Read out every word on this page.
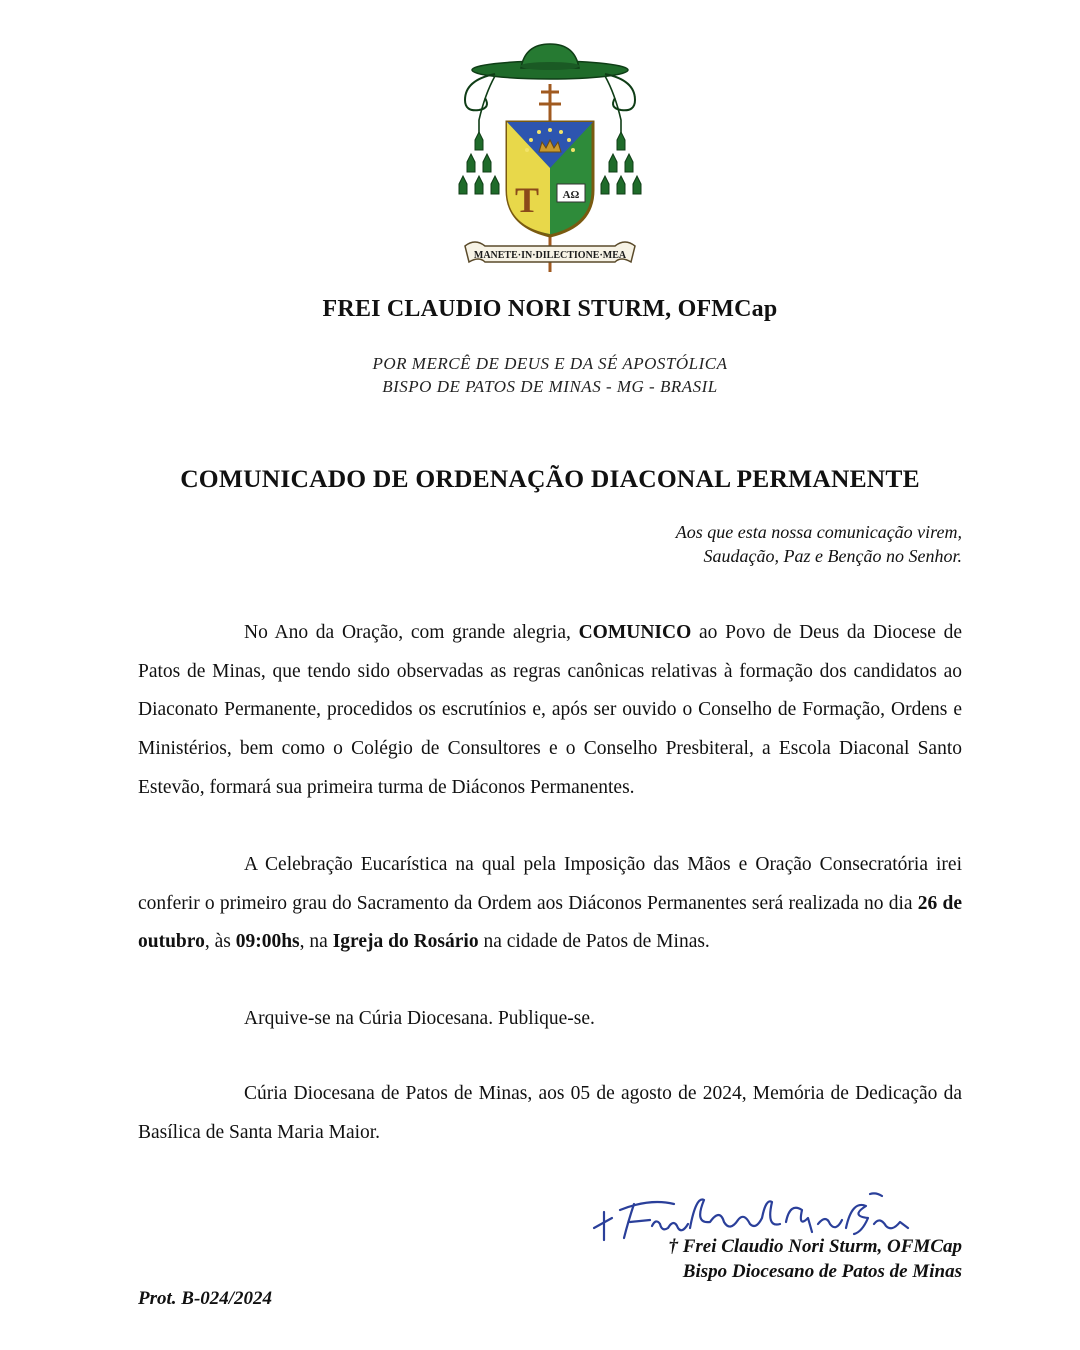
T AΩ
MANETE·IN·DILECTIONE·MEA
FREI CLAUDIO NORI STURM, OFMCap
POR MERCÊ DE DEUS E DA SÉ APOSTÓLICA
BISPO DE PATOS DE MINAS - MG - BRASIL
COMUNICADO DE ORDENAÇÃO DIACONAL PERMANENTE
Aos que esta nossa comunicação virem,
Saudação, Paz e Benção no Senhor.

No Ano da Oração, com grande alegria, COMUNICO ao Povo de Deus da Diocese de Patos de Minas, que tendo sido observadas as regras canônicas relativas à formação dos candidatos ao Diaconato Permanente, procedidos os escrutínios e, após ser ouvido o Conselho de Formação, Ordens e Ministérios, bem como o Colégio de Consultores e o Conselho Presbiteral, a Escola Diaconal Santo Estevão, formará sua primeira turma de Diáconos Permanentes.

A Celebração Eucarística na qual pela Imposição das Mãos e Oração Consecratória irei conferir o primeiro grau do Sacramento da Ordem aos Diáconos Permanentes será realizada no dia 26 de outubro, às 09:00hs, na Igreja do Rosário na cidade de Patos de Minas.

Arquive-se na Cúria Diocesana. Publique-se.

Cúria Diocesana de Patos de Minas, aos 05 de agosto de 2024, Memória de Dedicação da Basílica de Santa Maria Maior.

† Frei Claudio Nori Sturm, OFMCap
Bispo Diocesano de Patos de Minas
Prot. B-024/2024
